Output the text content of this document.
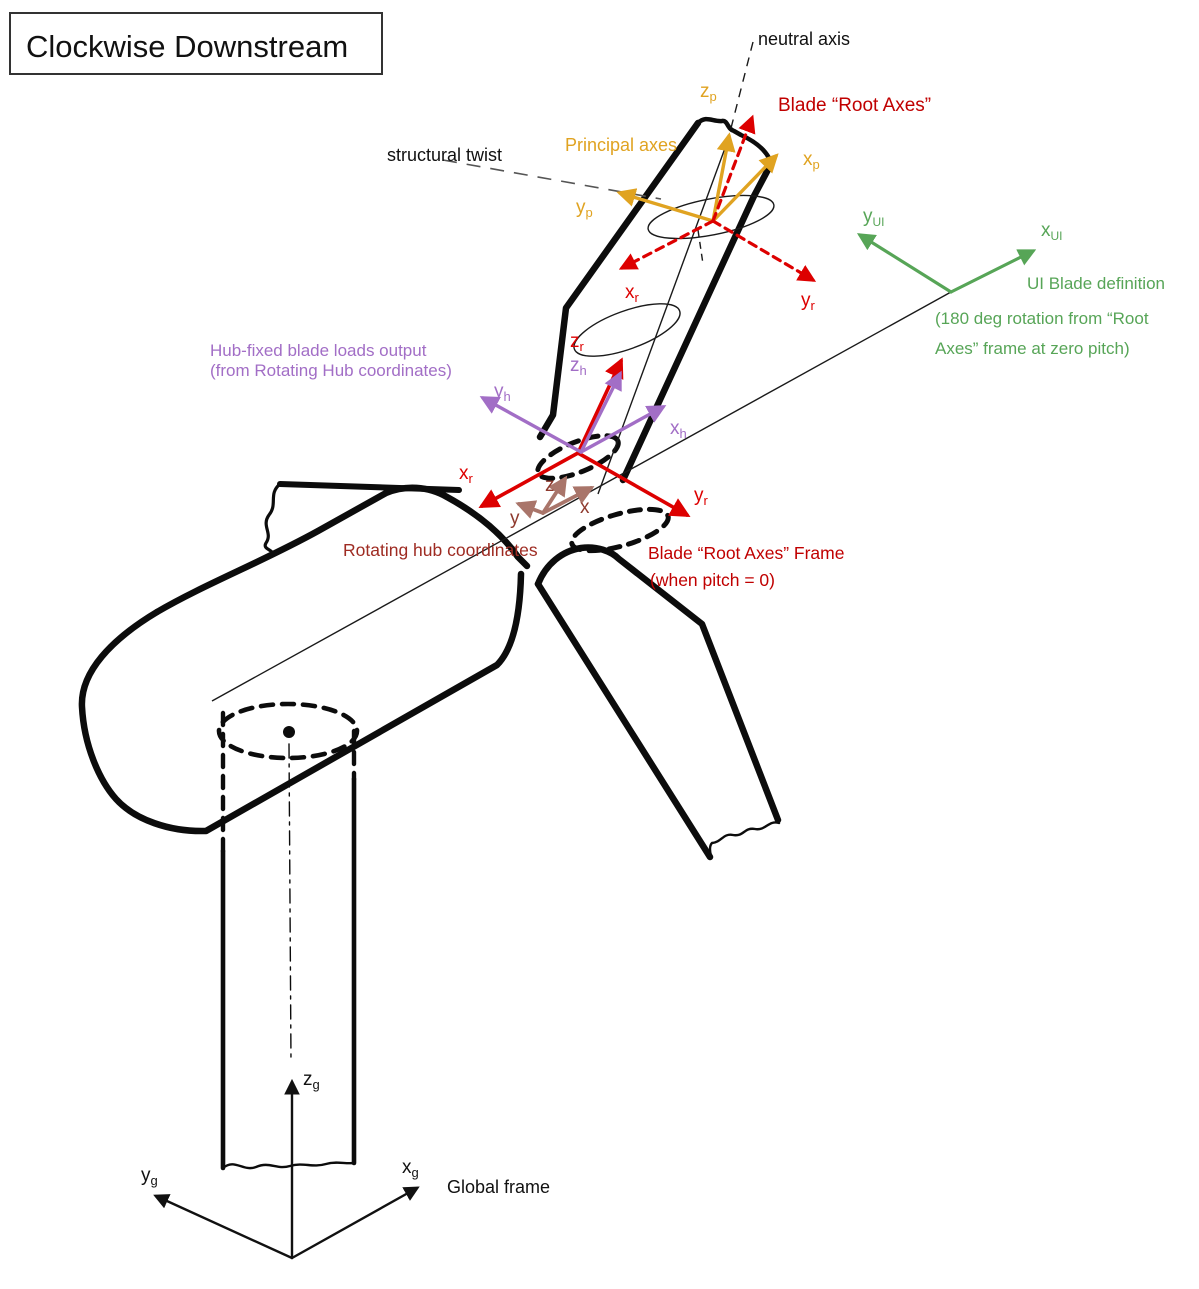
Clockwise Downstream	neutral axis
structural twist
Global frame
Principal axes
Blade “Root Axes”
UI Blade definition
(180 deg rotation from “Root
Axes” frame at zero pitch)
Hub-fixed blade loads output
(from Rotating Hub coordinates)
Rotating hub coordinates	Blade “Root Axes” Frame
(when pitch = 0)
$z_p$
$x_p$
$y_p$
$x_r$	$y_r$
$z_r$
$z_h$
$y_h$
$x_h$
$x_r$
$y_r$
z
y
x
$y_{UI}$	$x_{UI}$
$z_g$
$y_g$
$x_g$
